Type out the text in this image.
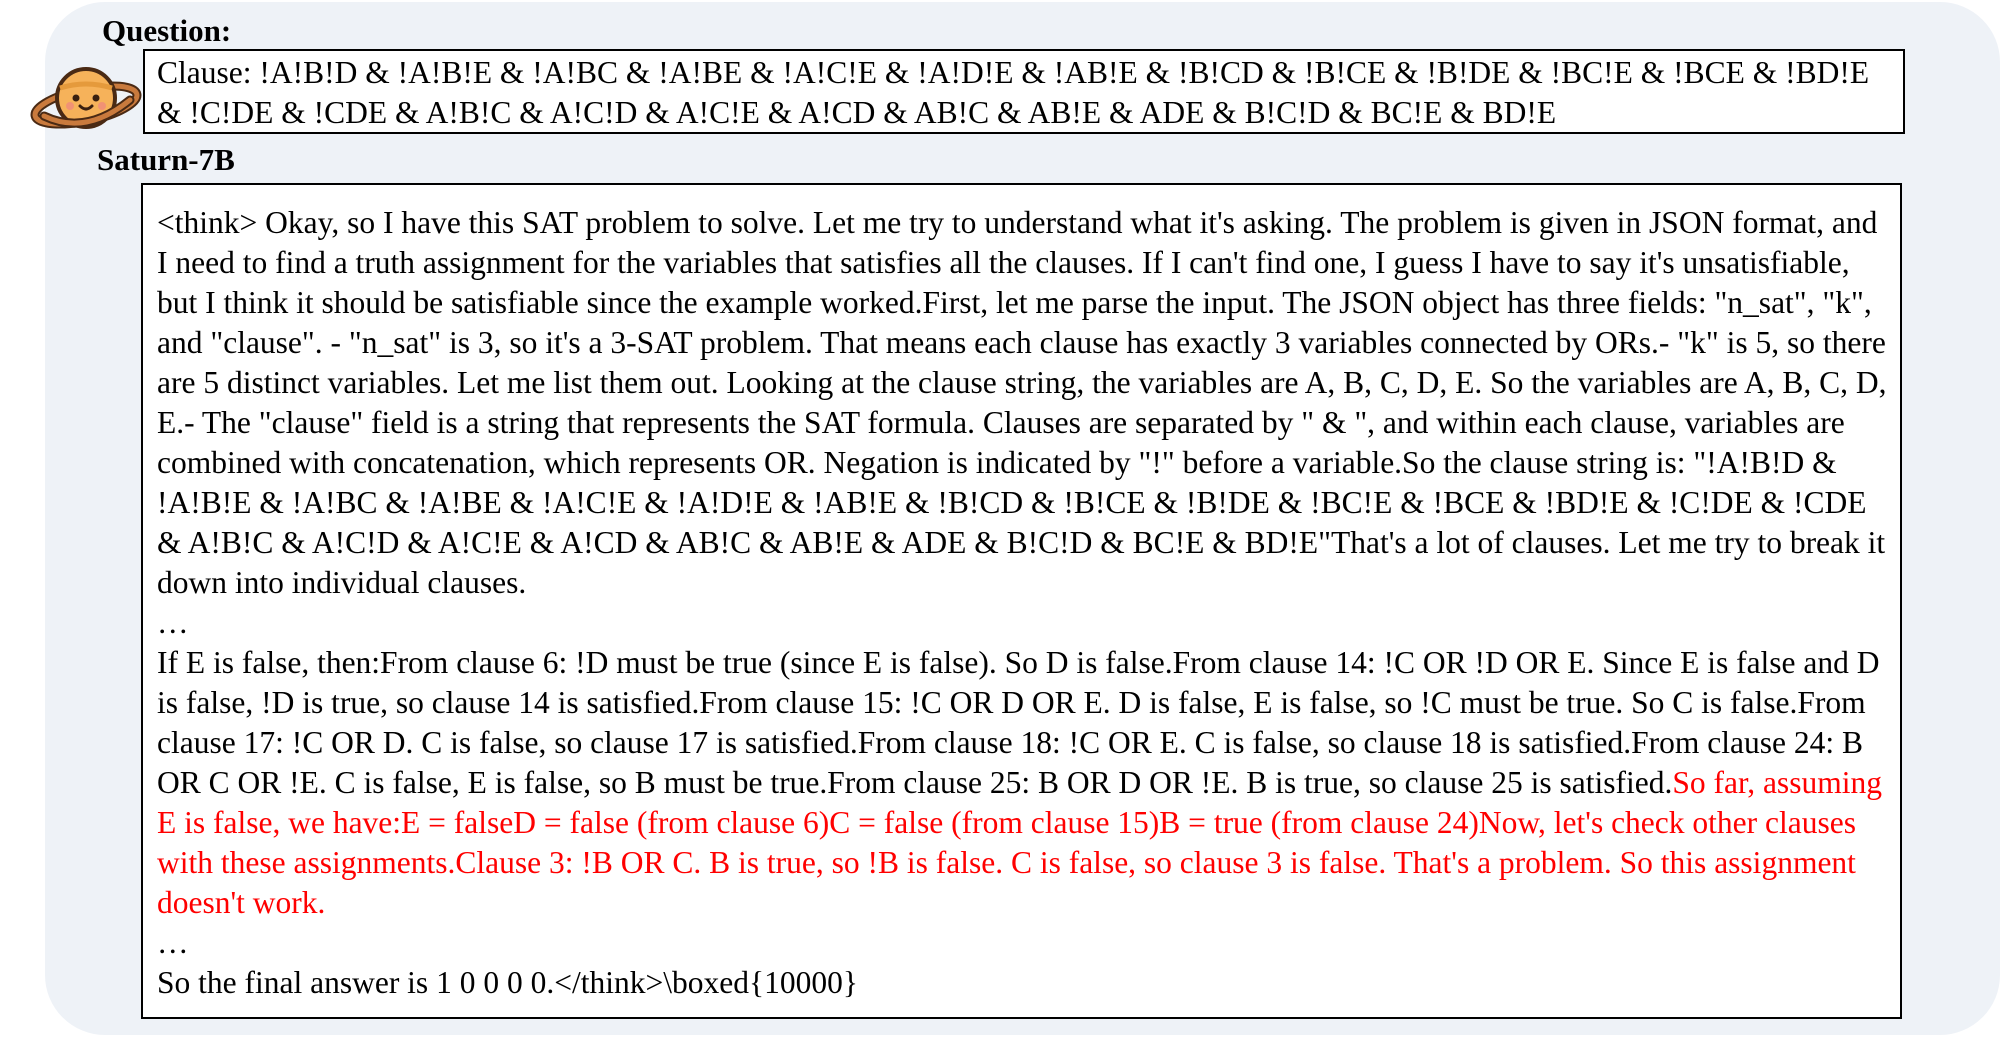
Question:

Clause: !A!B!D & !A!B!E & !A!BC & !A!BE & !A!C!E & !A!D!E & !AB!E & !B!CD & !B!CE & !B!DE & !BC!E & !BCE & !BD!E & !C!DE & !CDE & A!B!C & A!C!D & A!C!E & A!CD & AB!C & AB!E & ADE & B!C!D & BC!E & BD!E

Saturn-7B

<think> Okay, so I have this SAT problem to solve. Let me try to understand what it's asking. The problem is given in JSON format, and I need to find a truth assignment for the variables that satisfies all the clauses. If I can't find one, I guess I have to say it's unsatisfiable, but I think it should be satisfiable since the example worked.First, let me parse the input. The JSON object has three fields: "n_sat", "k", and "clause". - "n_sat" is 3, so it's a 3-SAT problem. That means each clause has exactly 3 variables connected by ORs.- "k" is 5, so there are 5 distinct variables. Let me list them out. Looking at the clause string, the variables are A, B, C, D, E. So the variables are A, B, C, D, E.- The "clause" field is a string that represents the SAT formula. Clauses are separated by " & ", and within each clause, variables are combined with concatenation, which represents OR. Negation is indicated by "!" before a variable.So the clause string is: "!A!B!D & !A!B!E & !A!BC & !A!BE & !A!C!E & !A!D!E & !AB!E & !B!CD & !B!CE & !B!DE & !BC!E & !BCE & !BD!E & !C!DE & !CDE & A!B!C & A!C!D & A!C!E & A!CD & AB!C & AB!E & ADE & B!C!D & BC!E & BD!E"That's a lot of clauses. Let me try to break it down into individual clauses.

…

If E is false, then:From clause 6: !D must be true (since E is false). So D is false.From clause 14: !C OR !D OR E. Since E is false and D is false, !D is true, so clause 14 is satisfied.From clause 15: !C OR D OR E. D is false, E is false, so !C must be true. So C is false.From clause 17: !C OR D. C is false, so clause 17 is satisfied.From clause 18: !C OR E. C is false, so clause 18 is satisfied.From clause 24: B OR C OR !E. C is false, E is false, so B must be true.From clause 25: B OR D OR !E. B is true, so clause 25 is satisfied.So far, assuming E is false, we have:E = falseD = false (from clause 6)C = false (from clause 15)B = true (from clause 24)Now, let's check other clauses with these assignments.Clause 3: !B OR C. B is true, so !B is false. C is false, so clause 3 is false. That's a problem. So this assignment doesn't work.

…

So the final answer is 1 0 0 0 0.</think>\boxed{10000}
